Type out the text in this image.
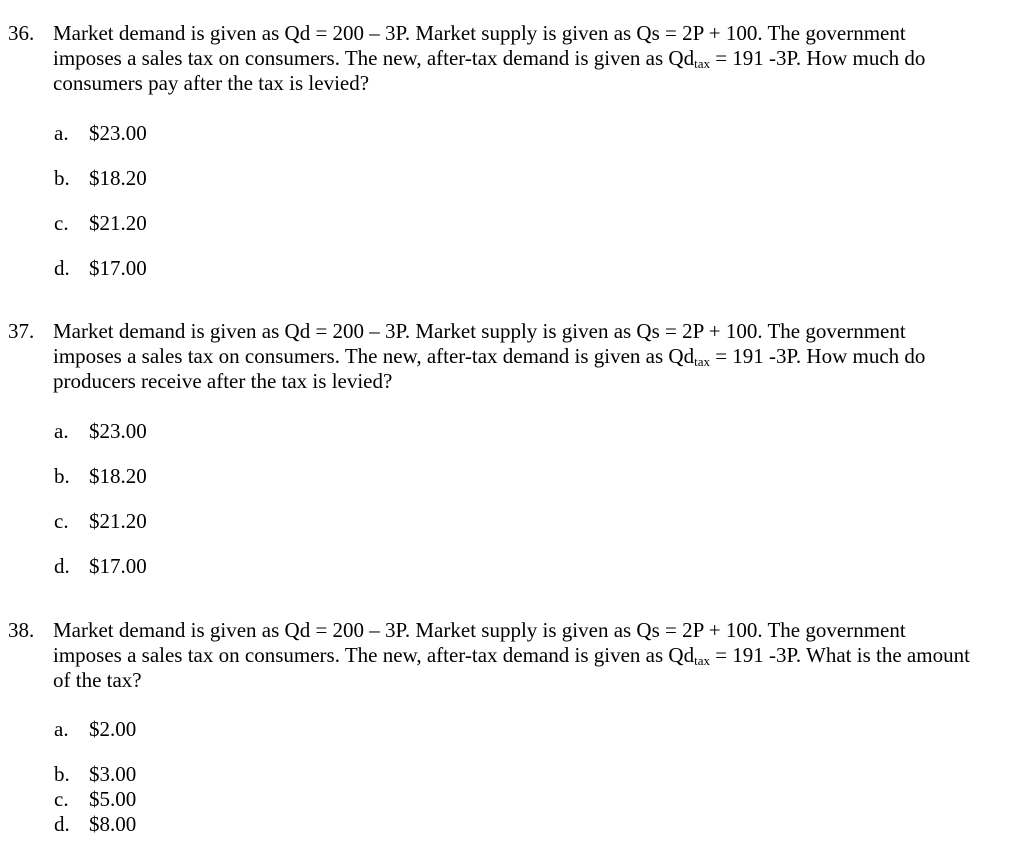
36. Market demand is given as Qd = 200 – 3P. Market supply is given as Qs = 2P + 100. The government
imposes a sales tax on consumers. The new, after-tax demand is given as $Qd_{tax} = 191$ -3P. How much do
consumers pay after the tax is levied?
a. $23.00
b. $18.20
c. $21.20
d. $17.00
37. Market demand is given as Qd = 200 – 3P. Market supply is given as Qs = 2P + 100. The government
imposes a sales tax on consumers. The new, after-tax demand is given as $Qd_{tax} = 191$ -3P. How much do
producers receive after the tax is levied?
a. $23.00
b. $18.20
c. $21.20
d. $17.00
38. Market demand is given as Qd = 200 – 3P. Market supply is given as Qs = 2P + 100. The government
imposes a sales tax on consumers. The new, after-tax demand is given as $Qd_{tax} = 191$ -3P. What is the amount
of the tax?
a. $2.00
b. $3.00
c. $5.00
d. $8.00
